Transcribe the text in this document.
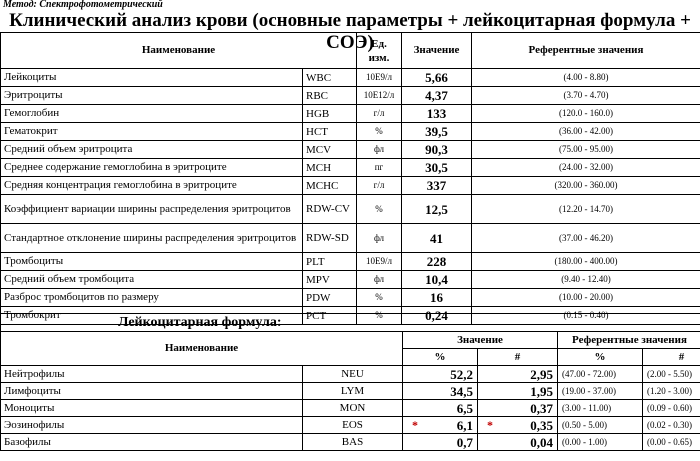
Метод: Спектрофотометрический
Клинический анализ крови (основные параметры + лейкоцитарная формула + СОЭ)
Наименование		Ед. изм.	Значение	Референтные значения
Лейкоциты	WBC	10E9/л	5,66	(4.00 - 8.80)
Эритроциты	RBC	10E12/л	4,37	(3.70 - 4.70)
Гемоглобин	HGB	г/л	133	(120.0 - 160.0)
Гематокрит	HCT	%	39,5	(36.00 - 42.00)
Средний объем эритроцита	MCV	фл	90,3	(75.00 - 95.00)
Среднее содержание гемоглобина в эритроците	MCH	пг	30,5	(24.00 - 32.00)
Средняя концентрация гемоглобина в эритроците	MCHC	г/л	337	(320.00 - 360.00)
Коэффициент вариации ширины распределения эритроцитов	RDW-CV	%	12,5	(12.20 - 14.70)
Стандартное отклонение ширины распределения эритроцитов	RDW-SD	фл	41	(37.00 - 46.20)
Тромбоциты	PLT	10E9/л	228	(180.00 - 400.00)
Средний объем тромбоцита	MPV	фл	10,4	(9.40 - 12.40)
Разброс тромбоцитов по размеру	PDW	%	16	(10.00 - 20.00)
Тромбокрит	PCT	%	0,24	(0.15 - 0.40)
Лейкоцитарная формула:					
Наименование		Значение		Референтные значения	
		%	#	%	#
Нейтрофилы	NEU	52,2	2,95	(47.00 - 72.00)	(2.00 - 5.50)
Лимфоциты	LYM	34,5	1,95	(19.00 - 37.00)	(1.20 - 3.00)
Моноциты	MON	6,5	0,37	(3.00 - 11.00)	(0.09 - 0.60)
Эозинофилы	EOS	* 6,1	* 0,35	(0.50 - 5.00)	(0.02 - 0.30)
Базофилы	BAS	0,7	0,04	(0.00 - 1.00)	(0.00 - 0.65)
